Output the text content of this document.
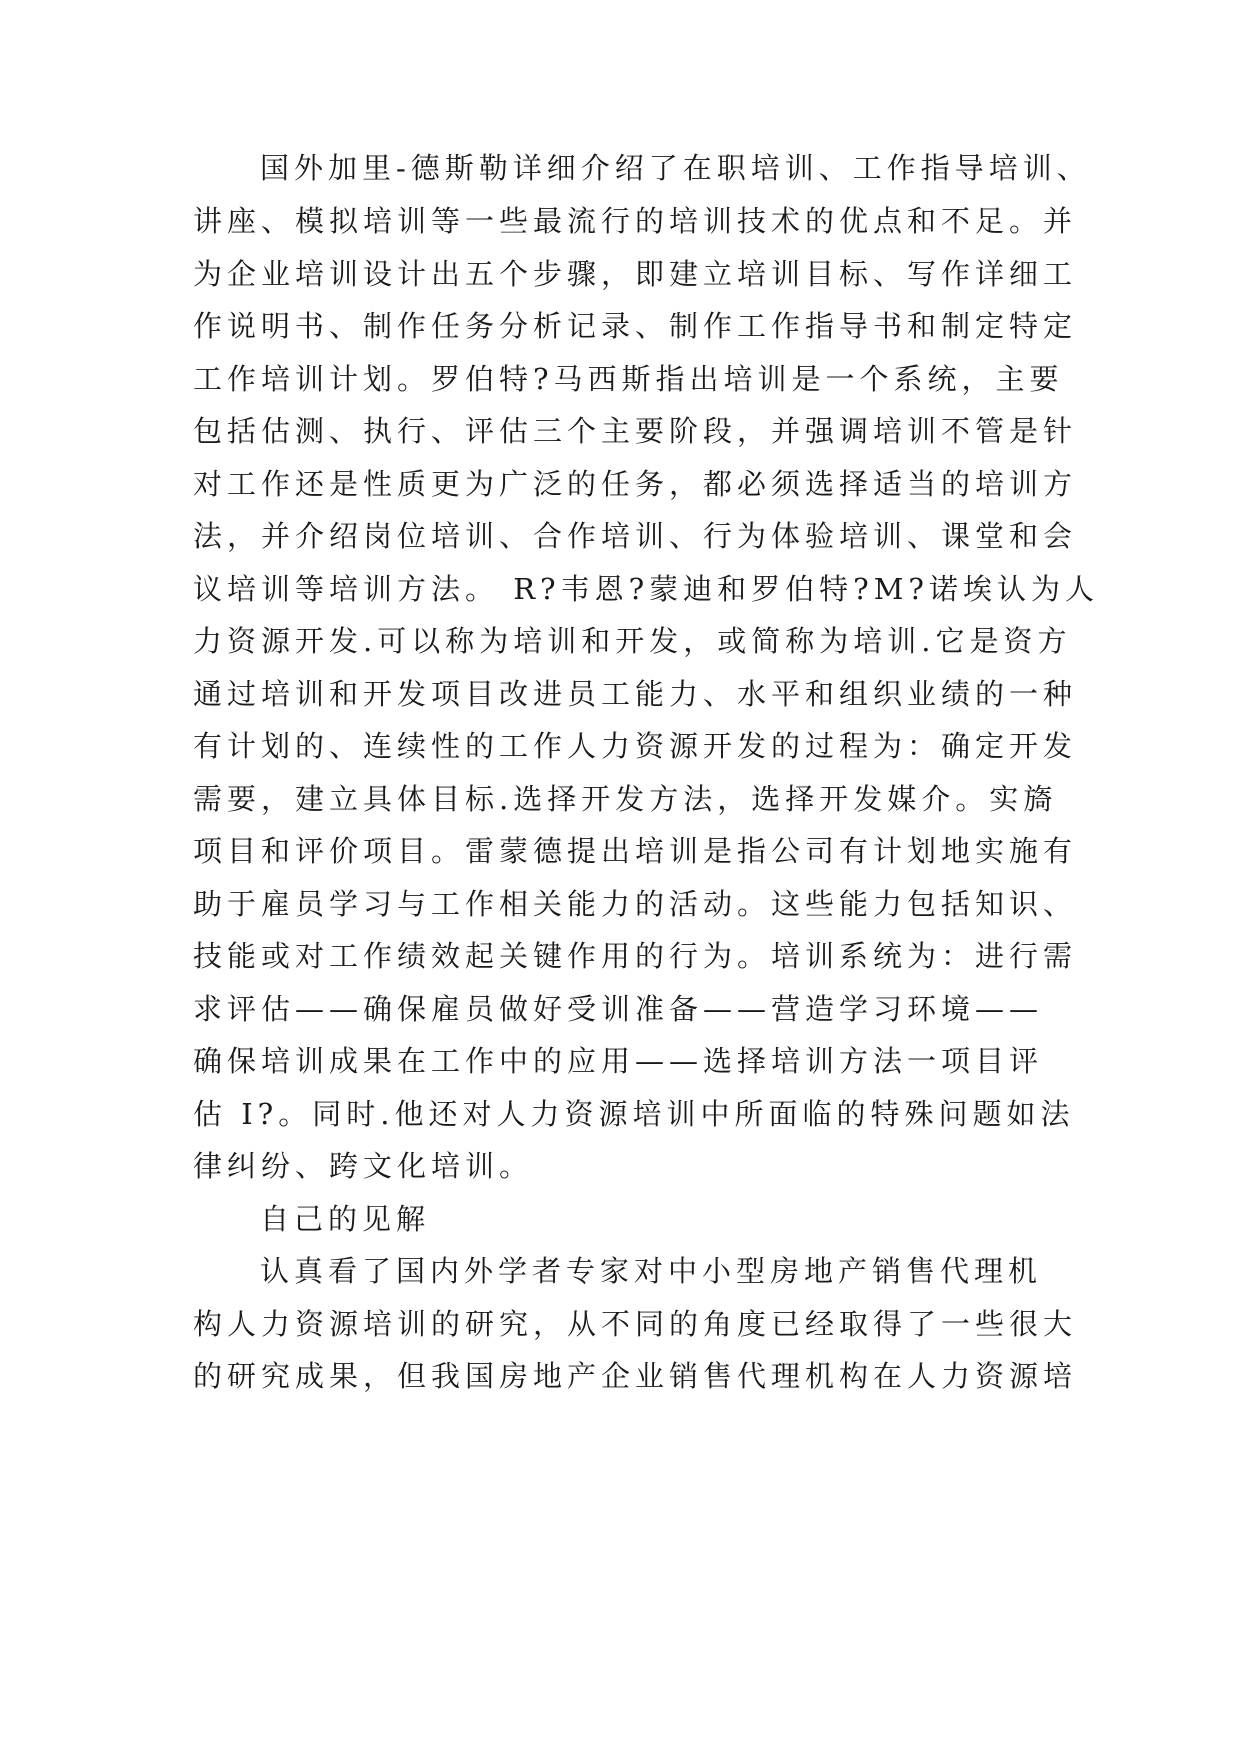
国外加里-德斯勒详细介绍了在职培训、工作指导培训、
讲座、模拟培训等一些最流行的培训技术的优点和不足。并
为企业培训设计出五个步骤，即建立培训目标、写作详细工
作说明书、制作任务分析记录、制作工作指导书和制定特定
工作培训计划。罗伯特?马西斯指出培训是一个系统，主要
包括估测、执行、评估三个主要阶段，并强调培训不管是针
对工作还是性质更为广泛的任务，都必须选择适当的培训方
法，并介绍岗位培训、合作培训、行为体验培训、课堂和会
议培训等培训方法。 R?韦恩?蒙迪和罗伯特?M?诺埃认为人
力资源开发.可以称为培训和开发，或简称为培训.它是资方
通过培训和开发项目改进员工能力、水平和组织业绩的一种
有计划的、连续性的工作人力资源开发的过程为：确定开发
需要，建立具体目标.选择开发方法，选择开发媒介。实旖
项目和评价项目。雷蒙德提出培训是指公司有计划地实施有
助于雇员学习与工作相关能力的活动。这些能力包括知识、
技能或对工作绩效起关键作用的行为。培训系统为：进行需
求评估——确保雇员做好受训准备——营造学习环境——
确保培训成果在工作中的应用——选择培训方法一项目评
估 I?。同时.他还对人力资源培训中所面临的特殊问题如法
律纠纷、跨文化培训。
自己的见解
认真看了国内外学者专家对中小型房地产销售代理机
构人力资源培训的研究，从不同的角度已经取得了一些很大
的研究成果，但我国房地产企业销售代理机构在人力资源培
